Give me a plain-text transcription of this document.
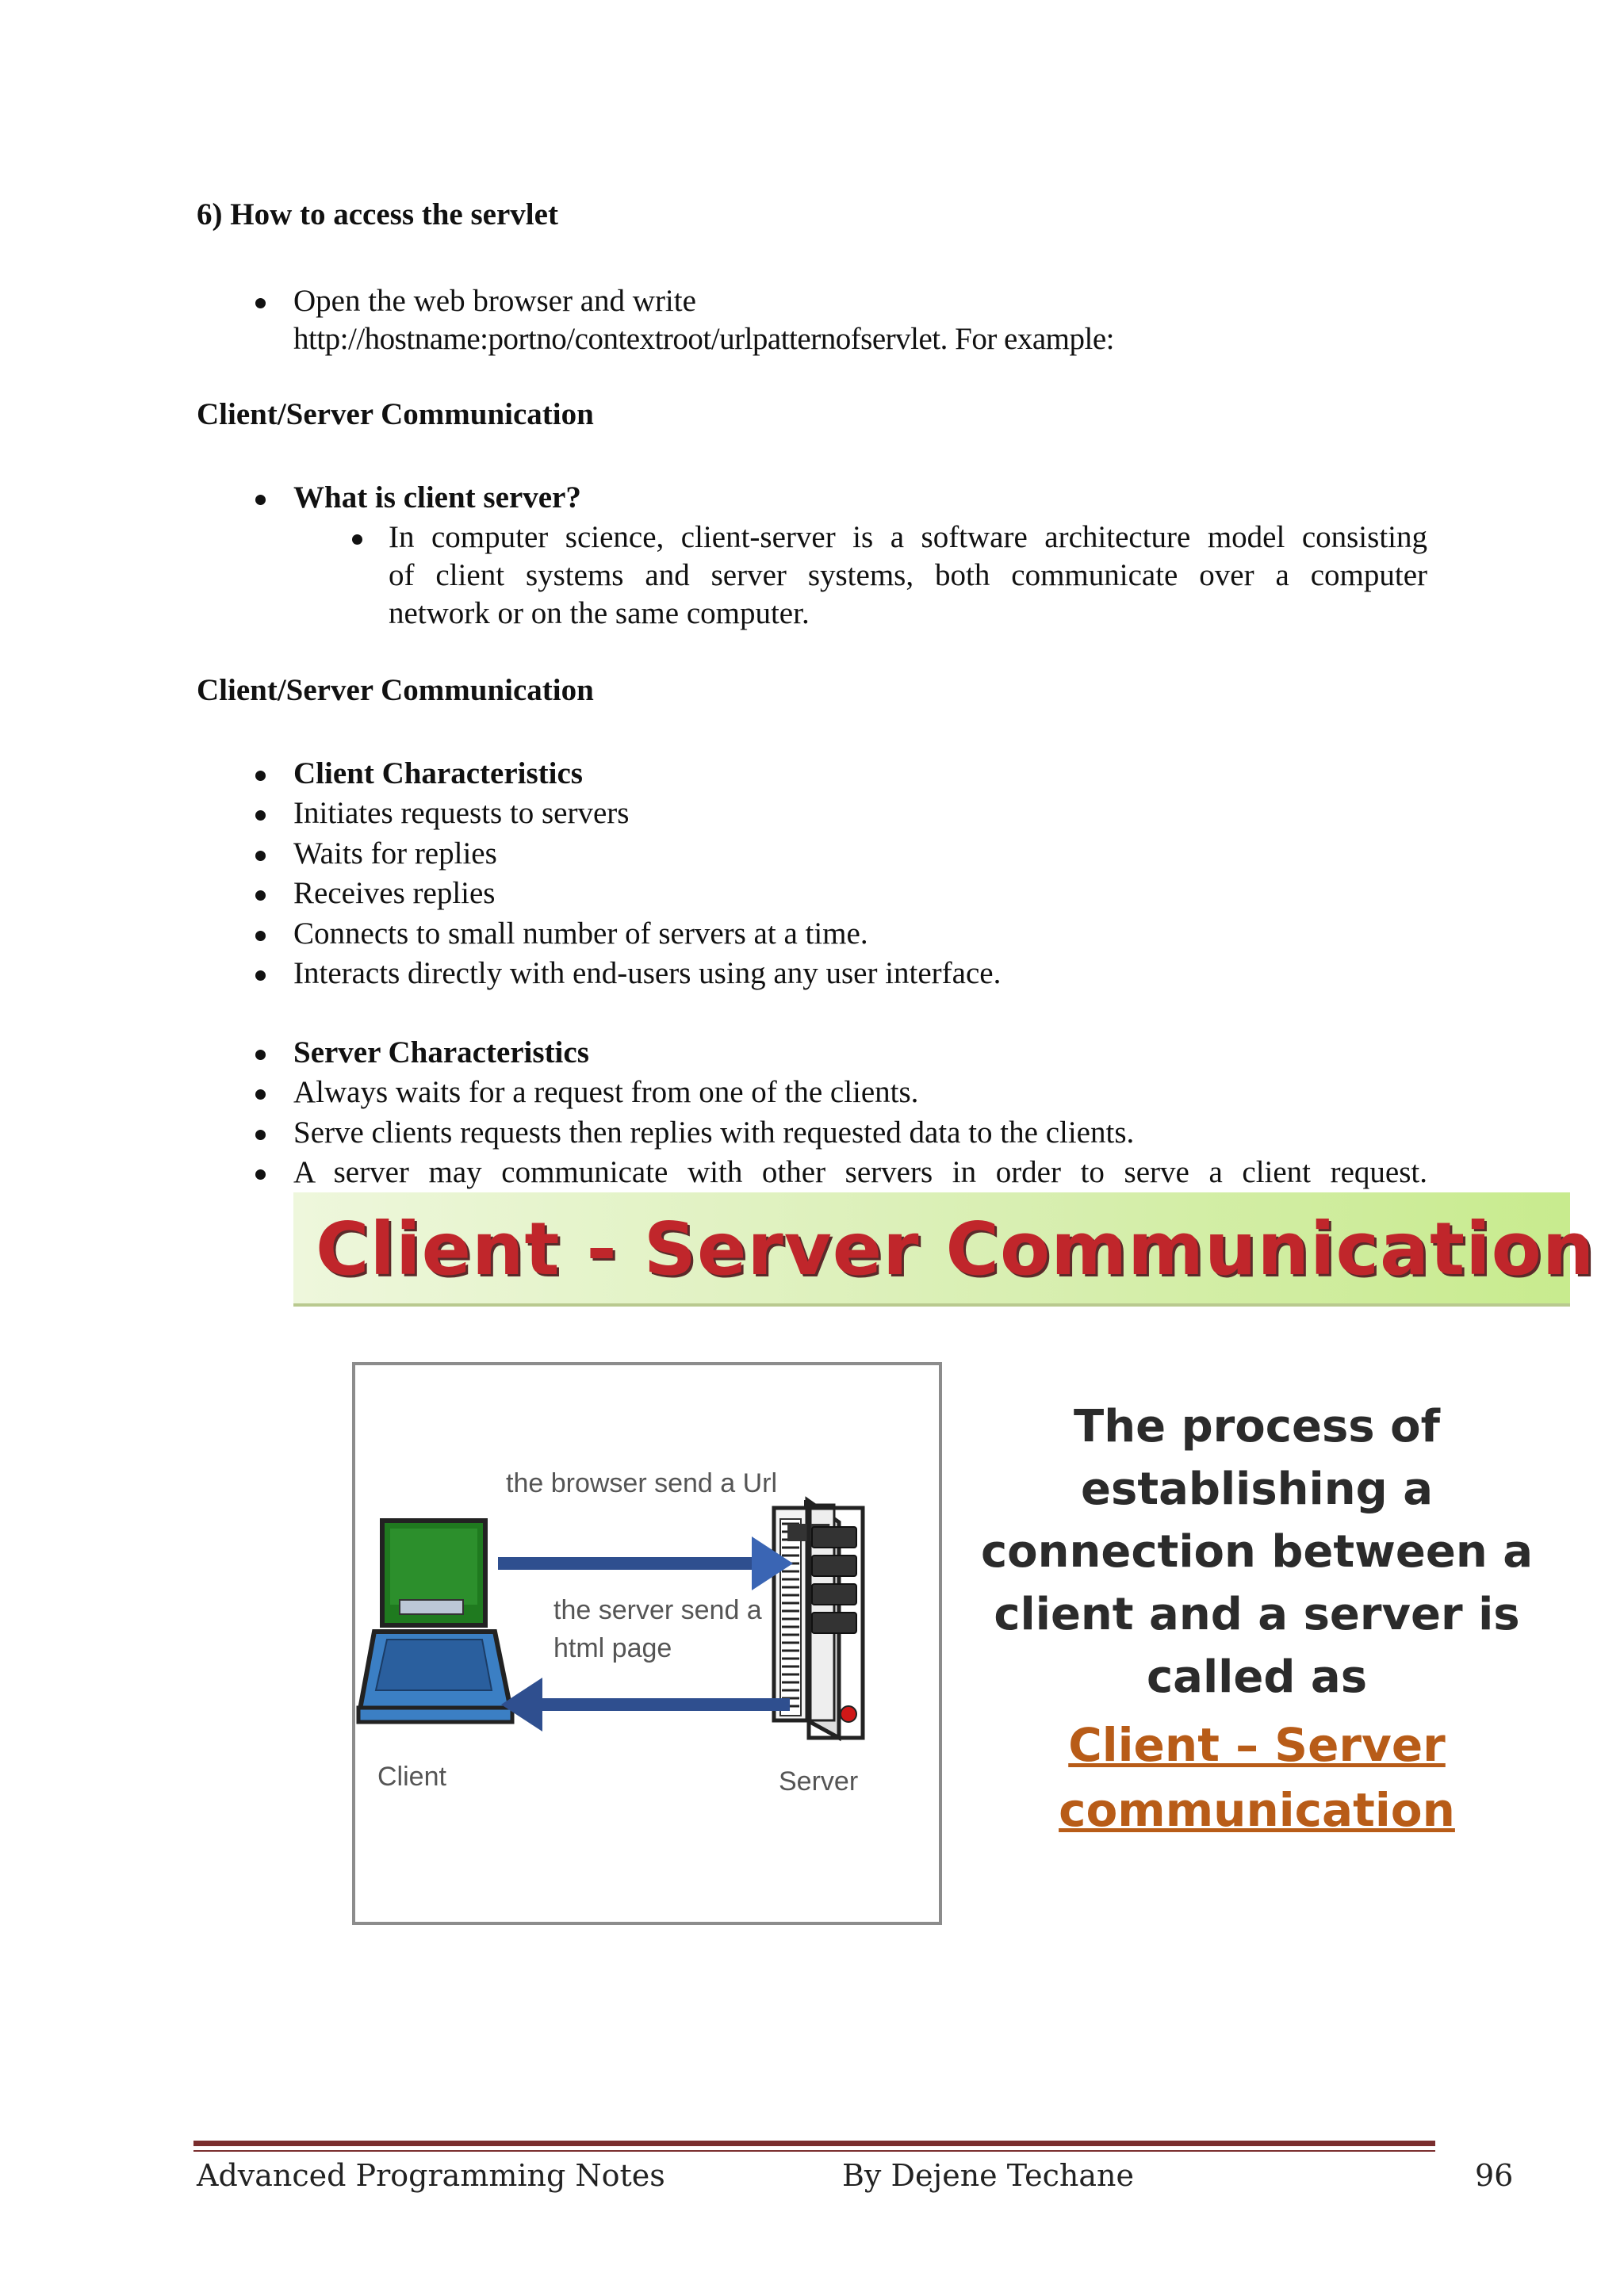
6) How to access the servlet
Open the web browser and write
http://hostname:portno/contextroot/urlpatternofservlet. For example:
Client/Server Communication
What is client server?
In computer science, client-server is a software architecture model consisting
of client systems and server systems, both communicate over a computer
network or on the same computer.
Client/Server Communication
Client Characteristics
Initiates requests to servers
Waits for replies
Receives replies
Connects to small number of servers at a time.
Interacts directly with end-users using any user interface.
Server Characteristics
Always waits for a request from one of the clients.
Serve clients requests then replies with requested data to the clients.
A server may communicate with other servers in order to serve a client request.
Client - Server Communication
the browser send a Url
the server send a
html page
Client	Server
The process of
establishing a
connection between a
client and a server is
called as
Client – Server
communication
Advanced Programming Notes	By Dejene Techane	96
